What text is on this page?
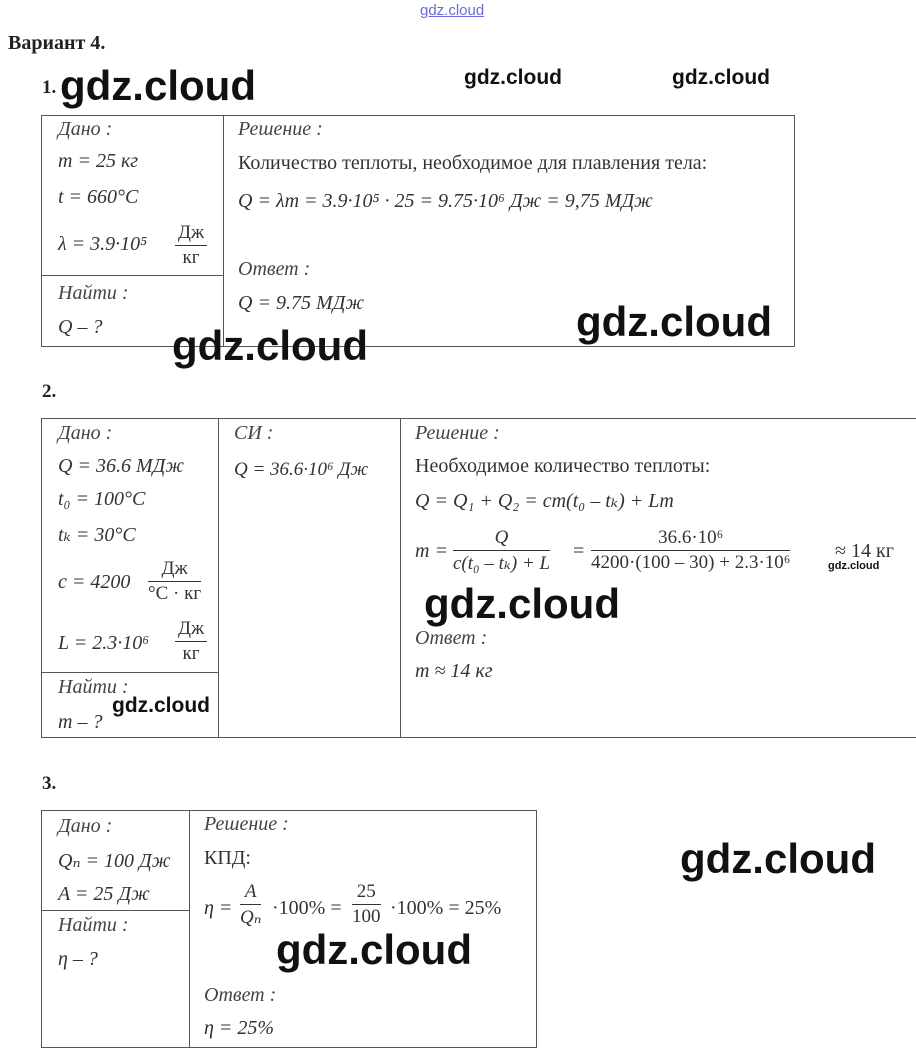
gdz.cloud
Вариант 4.
1.
Дано :
m = 25 кг
t = 660°C
λ = 3.9·10⁵
Дж
кг
Найти :
Q – ?
Решение :
Количество теплоты, необходимое для плавления тела:
Q = λm = 3.9·10⁵ · 25 = 9.75·10⁶ Дж = 9,75 МДж
Ответ :
Q = 9.75 МДж
2.
Дано :
Q = 36.6 МДж
t₀ = 100°C
tₖ = 30°C
c = 4200
Дж
°C · кг
L = 2.3·10⁶
Дж
кг
Найти :
m – ?
СИ :
Q = 36.6·10⁶ Дж
Решение :
Необходимое количество теплоты:
Q = Q₁ + Q₂ = cm(t₀ – tₖ) + Lm
$m = \frac{Q}{\text{c(t₀ – tₖ) + L}} = \frac{\text{36.6·10⁶}}{\text{4200·(100 – 30) + 2.3·10⁶}} \approx 14$ кг
Ответ :
m ≈ 14 кг
3.
Дано :
Qₙ = 100 Дж
A = 25 Дж
Найти :
η – ?
Решение :
КПД:
$\eta = \frac{A}{\text{Qₙ}} \cdot 100\% = \frac{25}{100} \cdot 100\% = 25\%$
Ответ :
η = 25%
gdz.cloud	gdz.cloud	gdz.cloud
gdz.cloud
gdz.cloud
gdz.cloud
gdz.cloud
gdz.cloud
gdz.cloud
gdz.cloud
